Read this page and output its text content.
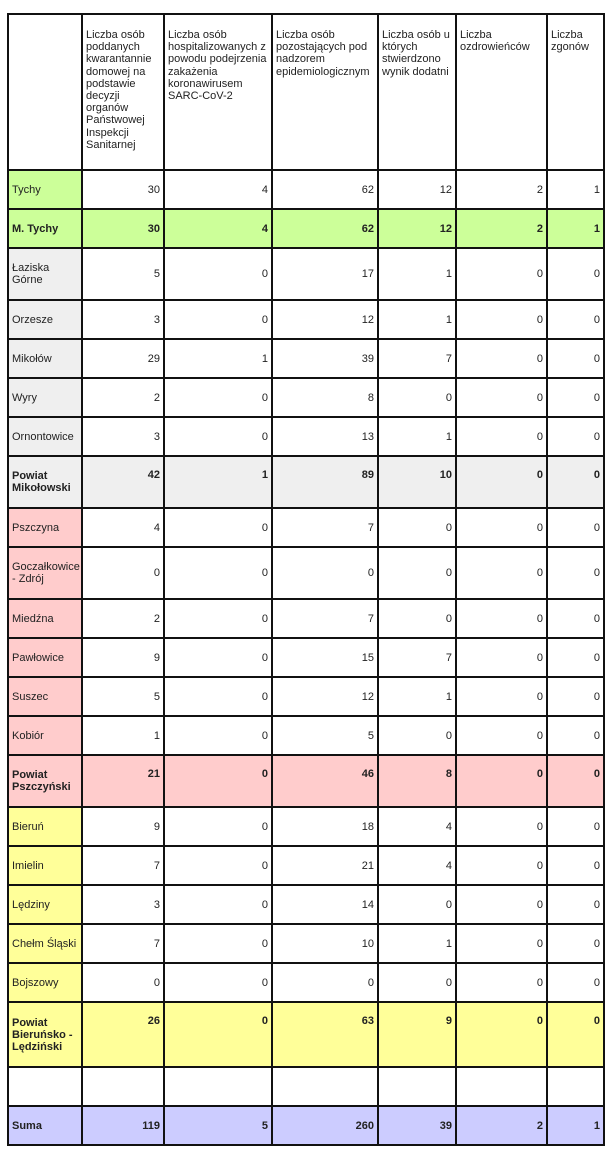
	Liczba osób poddanych kwarantannie domowej na podstawie decyzji organów Państwowej Inspekcji Sanitarnej	Liczba osób hospitalizowanych z powodu podejrzenia zakażenia koronawirusem SARC-CoV-2	Liczba osób pozostających pod nadzorem epidemiologicznym	Liczba osób u których stwierdzono wynik dodatni	Liczba ozdrowieńców	Liczba zgonów
Tychy	30	4	62	12	2	1
M. Tychy	30	4	62	12	2	1
Łaziska Górne	5	0	17	1	0	0
Orzesze	3	0	12	1	0	0
Mikołów	29	1	39	7	0	0
Wyry	2	0	8	0	0	0
Ornontowice	3	0	13	1	0	0
Powiat Mikołowski	42	1	89	10	0	0
Pszczyna	4	0	7	0	0	0
Goczałkowice - Zdrój	0	0	0	0	0	0
Miedźna	2	0	7	0	0	0
Pawłowice	9	0	15	7	0	0
Suszec	5	0	12	1	0	0
Kobiór	1	0	5	0	0	0
Powiat Pszczyński	21	0	46	8	0	0
Bieruń	9	0	18	4	0	0
Imielin	7	0	21	4	0	0
Lędziny	3	0	14	0	0	0
Chełm Śląski	7	0	10	1	0	0
Bojszowy	0	0	0	0	0	0
Powiat Bieruńsko - Lędziński	26	0	63	9	0	0

Suma	119	5	260	39	2	1
